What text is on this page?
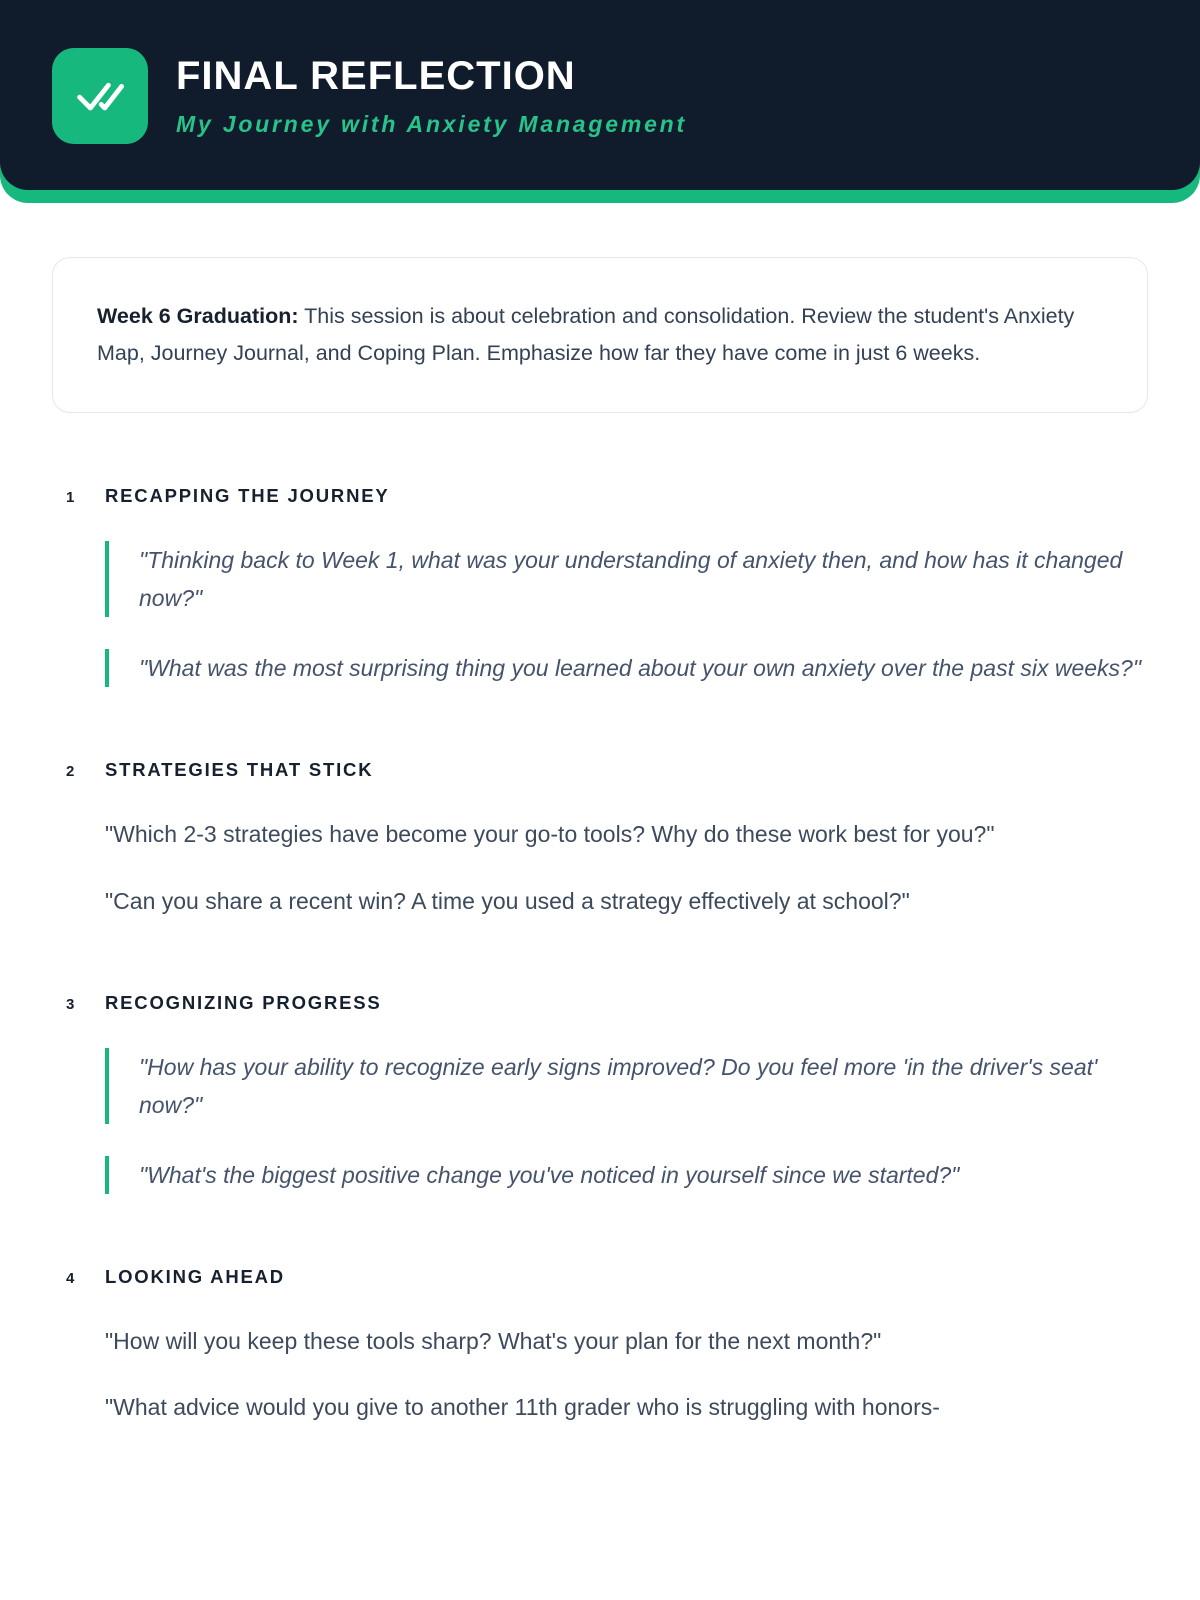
FINAL REFLECTION
My Journey with Anxiety Management

Week 6 Graduation: This session is about celebration and consolidation. Review the student's Anxiety Map, Journey Journal, and Coping Plan. Emphasize how far they have come in just 6 weeks.

1	RECAPPING THE JOURNEY

"Thinking back to Week 1, what was your understanding of anxiety then, and how has it changed now?"

"What was the most surprising thing you learned about your own anxiety over the past six weeks?"

2	STRATEGIES THAT STICK

"Which 2-3 strategies have become your go-to tools? Why do these work best for you?"

"Can you share a recent win? A time you used a strategy effectively at school?"

3	RECOGNIZING PROGRESS

"How has your ability to recognize early signs improved? Do you feel more 'in the driver's seat' now?"

"What's the biggest positive change you've noticed in yourself since we started?"

4	LOOKING AHEAD

"How will you keep these tools sharp? What's your plan for the next month?"

"What advice would you give to another 11th grader who is struggling with honors-
